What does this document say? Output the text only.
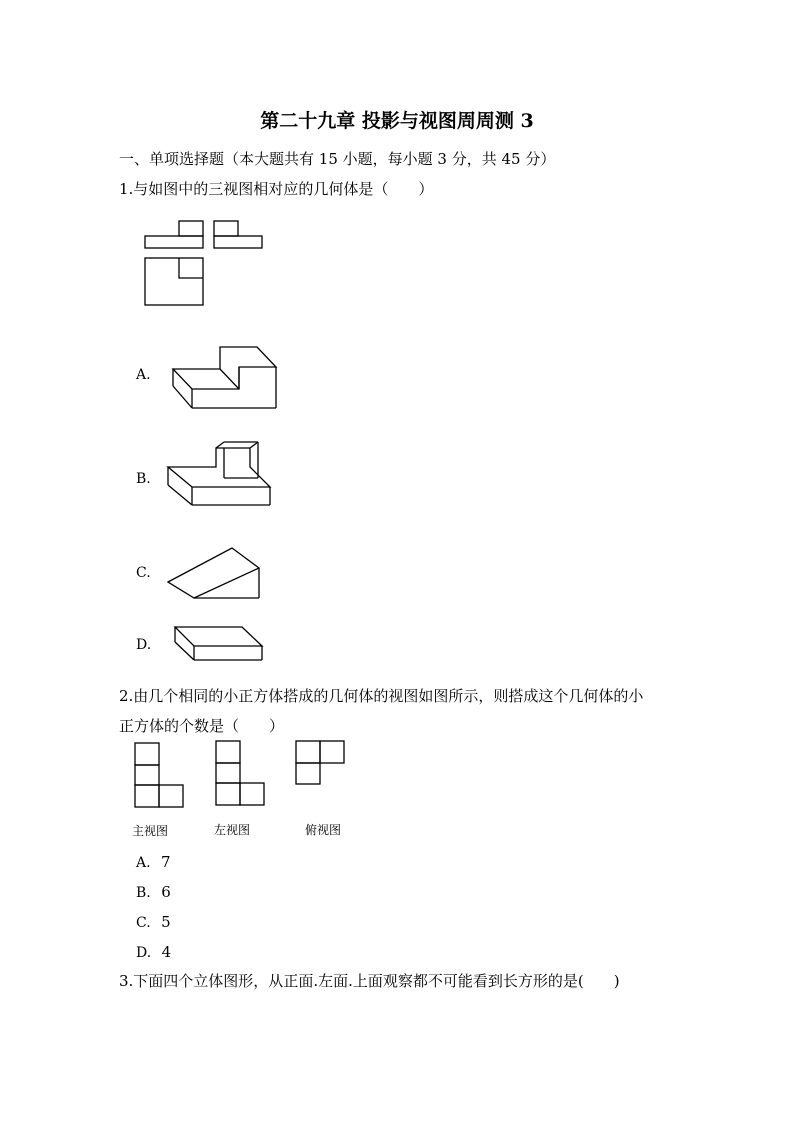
第二十九章 投影与视图周周测 3
一、单项选择题（本大题共有 15 小题，每小题 3 分，共 45 分）
1.与如图中的三视图相对应的几何体是（　　）
A.
B.
C.
D.
2.由几个相同的小正方体搭成的几何体的视图如图所示，则搭成这个几何体的小
正方体的个数是（　　）
主视图	左视图	俯视图
A. 7
B. 6
C. 5
D. 4
3.下面四个立体图形，从正面.左面.上面观察都不可能看到长方形的是(　　)
